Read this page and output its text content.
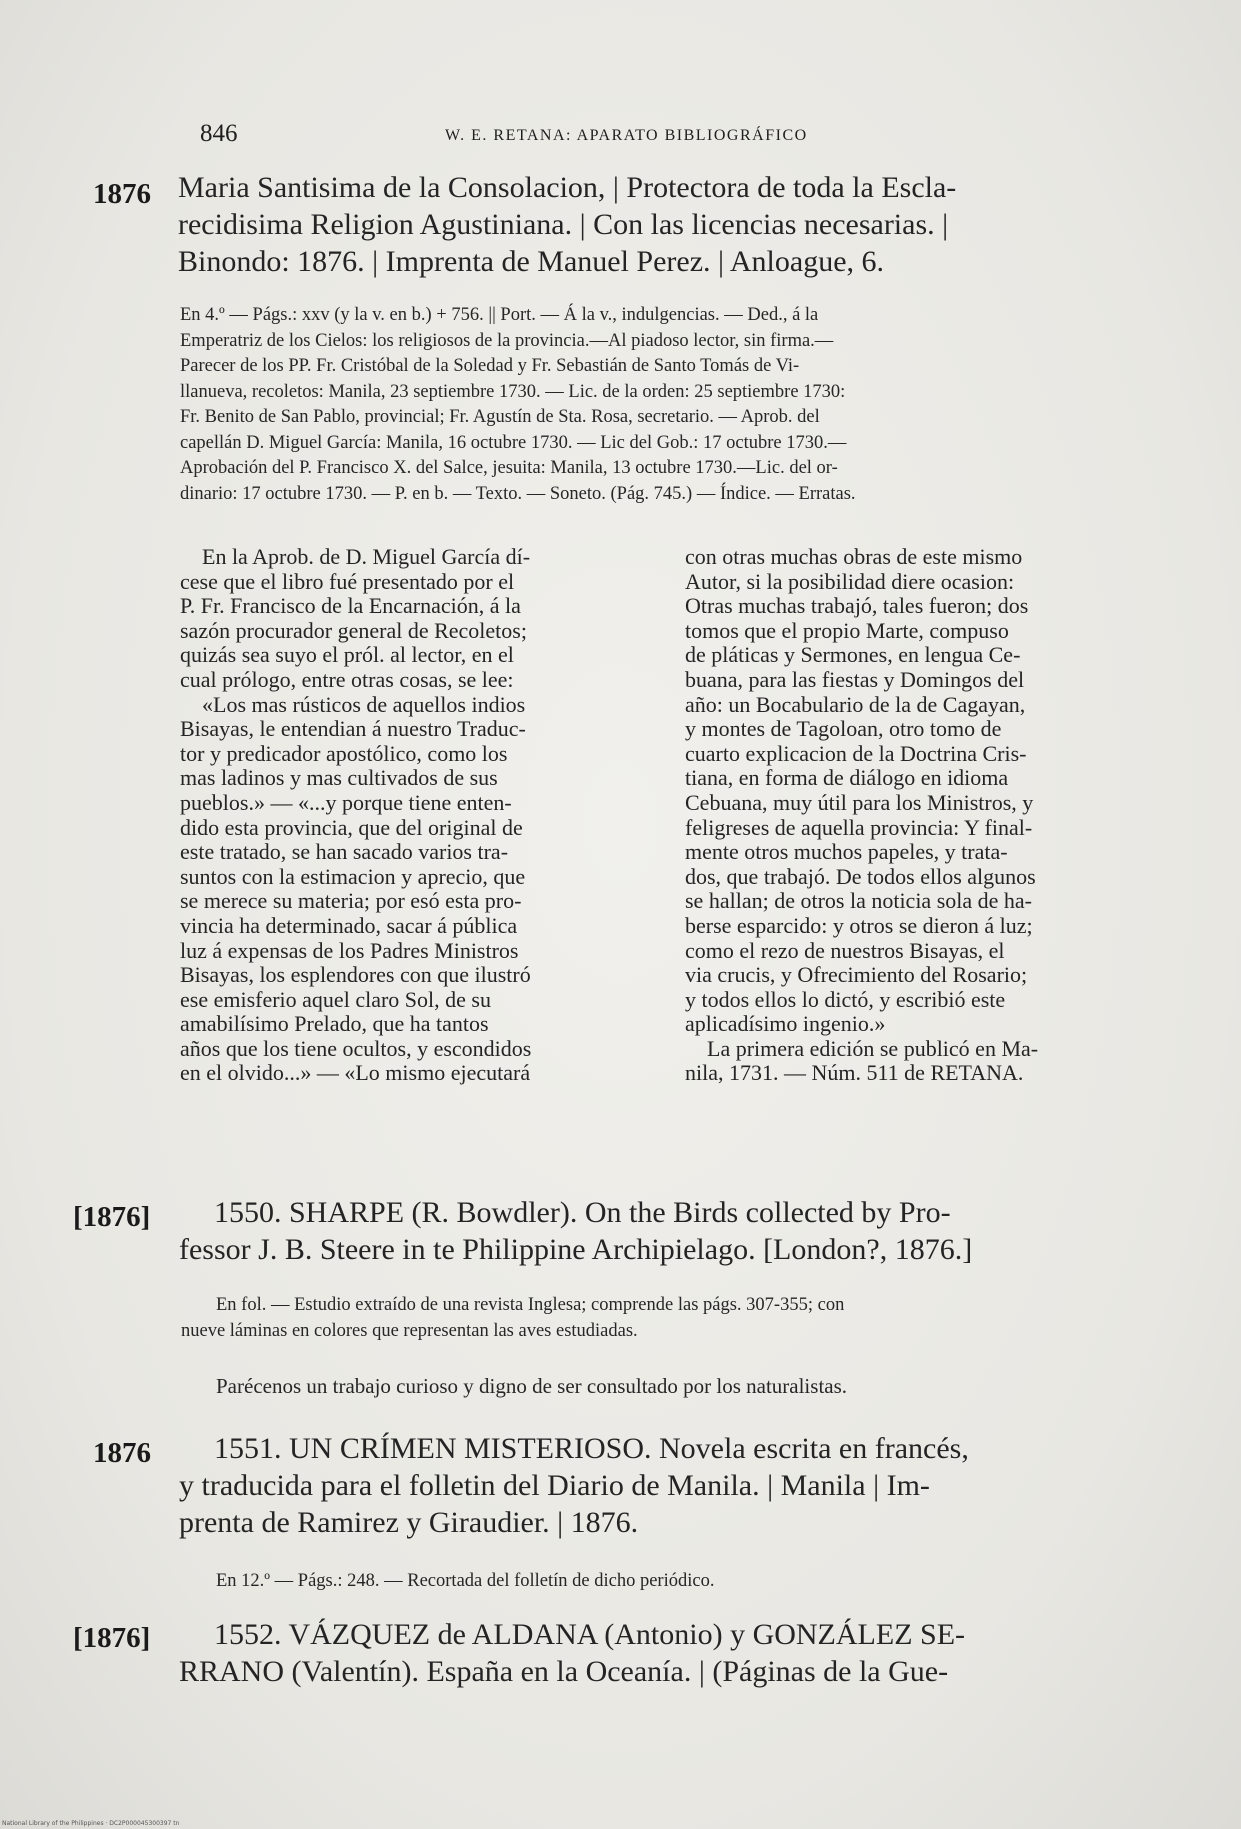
846	W. E. RETANA: APARATO BIBLIOGRÁFICO
1876 Maria Santisima de la Consolacion, | Protectora de toda la Escla-
recidisima Religion Agustiniana. | Con las licencias necesarias. |
Binondo: 1876. | Imprenta de Manuel Perez. | Anloague, 6.
En 4.º — Págs.: xxv (y la v. en b.) + 756. || Port. — Á la v., indulgencias. — Ded., á la
Emperatriz de los Cielos: los religiosos de la provincia.—Al piadoso lector, sin firma.—
Parecer de los PP. Fr. Cristóbal de la Soledad y Fr. Sebastián de Santo Tomás de Vi-
llanueva, recoletos: Manila, 23 septiembre 1730. — Lic. de la orden: 25 septiembre 1730:
Fr. Benito de San Pablo, provincial; Fr. Agustín de Sta. Rosa, secretario. — Aprob. del
capellán D. Miguel García: Manila, 16 octubre 1730. — Lic del Gob.: 17 octubre 1730.—
Aprobación del P. Francisco X. del Salce, jesuita: Manila, 13 octubre 1730.—Lic. del or-
dinario: 17 octubre 1730. — P. en b. — Texto. — Soneto. (Pág. 745.) — Índice. — Erratas.
En la Aprob. de D. Miguel García dí-
cese que el libro fué presentado por el
P. Fr. Francisco de la Encarnación, á la
sazón procurador general de Recoletos;
quizás sea suyo el pról. al lector, en el
cual prólogo, entre otras cosas, se lee:
«Los mas rústicos de aquellos indios
Bisayas, le entendian á nuestro Traduc-
tor y predicador apostólico, como los
mas ladinos y mas cultivados de sus
pueblos.» — «...y porque tiene enten-
dido esta provincia, que del original de
este tratado, se han sacado varios tra-
suntos con la estimacion y aprecio, que
se merece su materia; por esó esta pro-
vincia ha determinado, sacar á pública
luz á expensas de los Padres Ministros
Bisayas, los esplendores con que ilustró
ese emisferio aquel claro Sol, de su
amabilísimo Prelado, que ha tantos
años que los tiene ocultos, y escondidos
en el olvido...» — «Lo mismo ejecutará
con otras muchas obras de este mismo
Autor, si la posibilidad diere ocasion:
Otras muchas trabajó, tales fueron; dos
tomos que el propio Marte, compuso
de pláticas y Sermones, en lengua Ce-
buana, para las fiestas y Domingos del
año: un Bocabulario de la de Cagayan,
y montes de Tagoloan, otro tomo de
cuarto explicacion de la Doctrina Cris-
tiana, en forma de diálogo en idioma
Cebuana, muy útil para los Ministros, y
feligreses de aquella provincia: Y final-
mente otros muchos papeles, y trata-
dos, que trabajó. De todos ellos algunos
se hallan; de otros la noticia sola de ha-
berse esparcido: y otros se dieron á luz;
como el rezo de nuestros Bisayas, el
via crucis, y Ofrecimiento del Rosario;
y todos ellos lo dictó, y escribió este
aplicadísimo ingenio.»
La primera edición se publicó en Ma-
nila, 1731. — Núm. 511 de RETANA.
[1876] 1550. SHARPE (R. Bowdler). On the Birds collected by Pro-
fessor J. B. Steere in te Philippine Archipielago. [London?, 1876.]
En fol. — Estudio extraído de una revista Inglesa; comprende las págs. 307-355; con
nueve láminas en colores que representan las aves estudiadas.
Parécenos un trabajo curioso y digno de ser consultado por los naturalistas.
1876 1551. UN CRÍMEN MISTERIOSO. Novela escrita en francés,
y traducida para el folletin del Diario de Manila. | Manila | Im-
prenta de Ramirez y Giraudier. | 1876.
En 12.º — Págs.: 248. — Recortada del folletín de dicho periódico.
[1876] 1552. VÁZQUEZ de ALDANA (Antonio) y GONZÁLEZ SE-
RRANO (Valentín). España en la Oceanía. | (Páginas de la Gue-
National Library of the Philippines · DC2P000045300397 tn
